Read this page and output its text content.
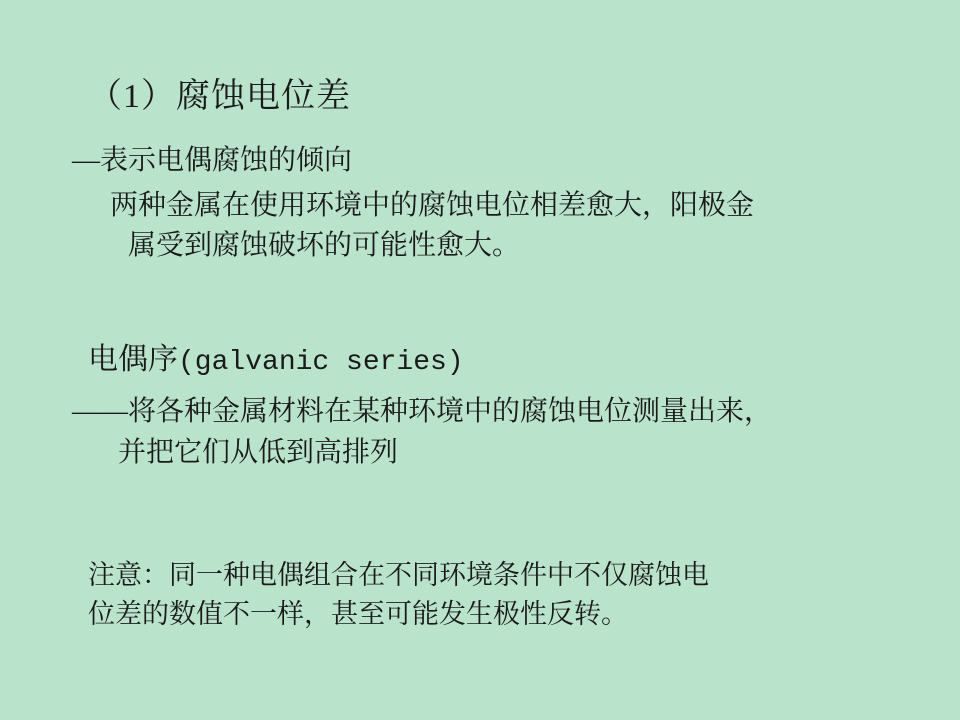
（1）腐蚀电位差
—表示电偶腐蚀的倾向
两种金属在使用环境中的腐蚀电位相差愈大，阳极金
属受到腐蚀破坏的可能性愈大。
电偶序(galvanic series)
——将各种金属材料在某种环境中的腐蚀电位测量出来，
并把它们从低到高排列
注意：同一种电偶组合在不同环境条件中不仅腐蚀电
位差的数值不一样，甚至可能发生极性反转。
